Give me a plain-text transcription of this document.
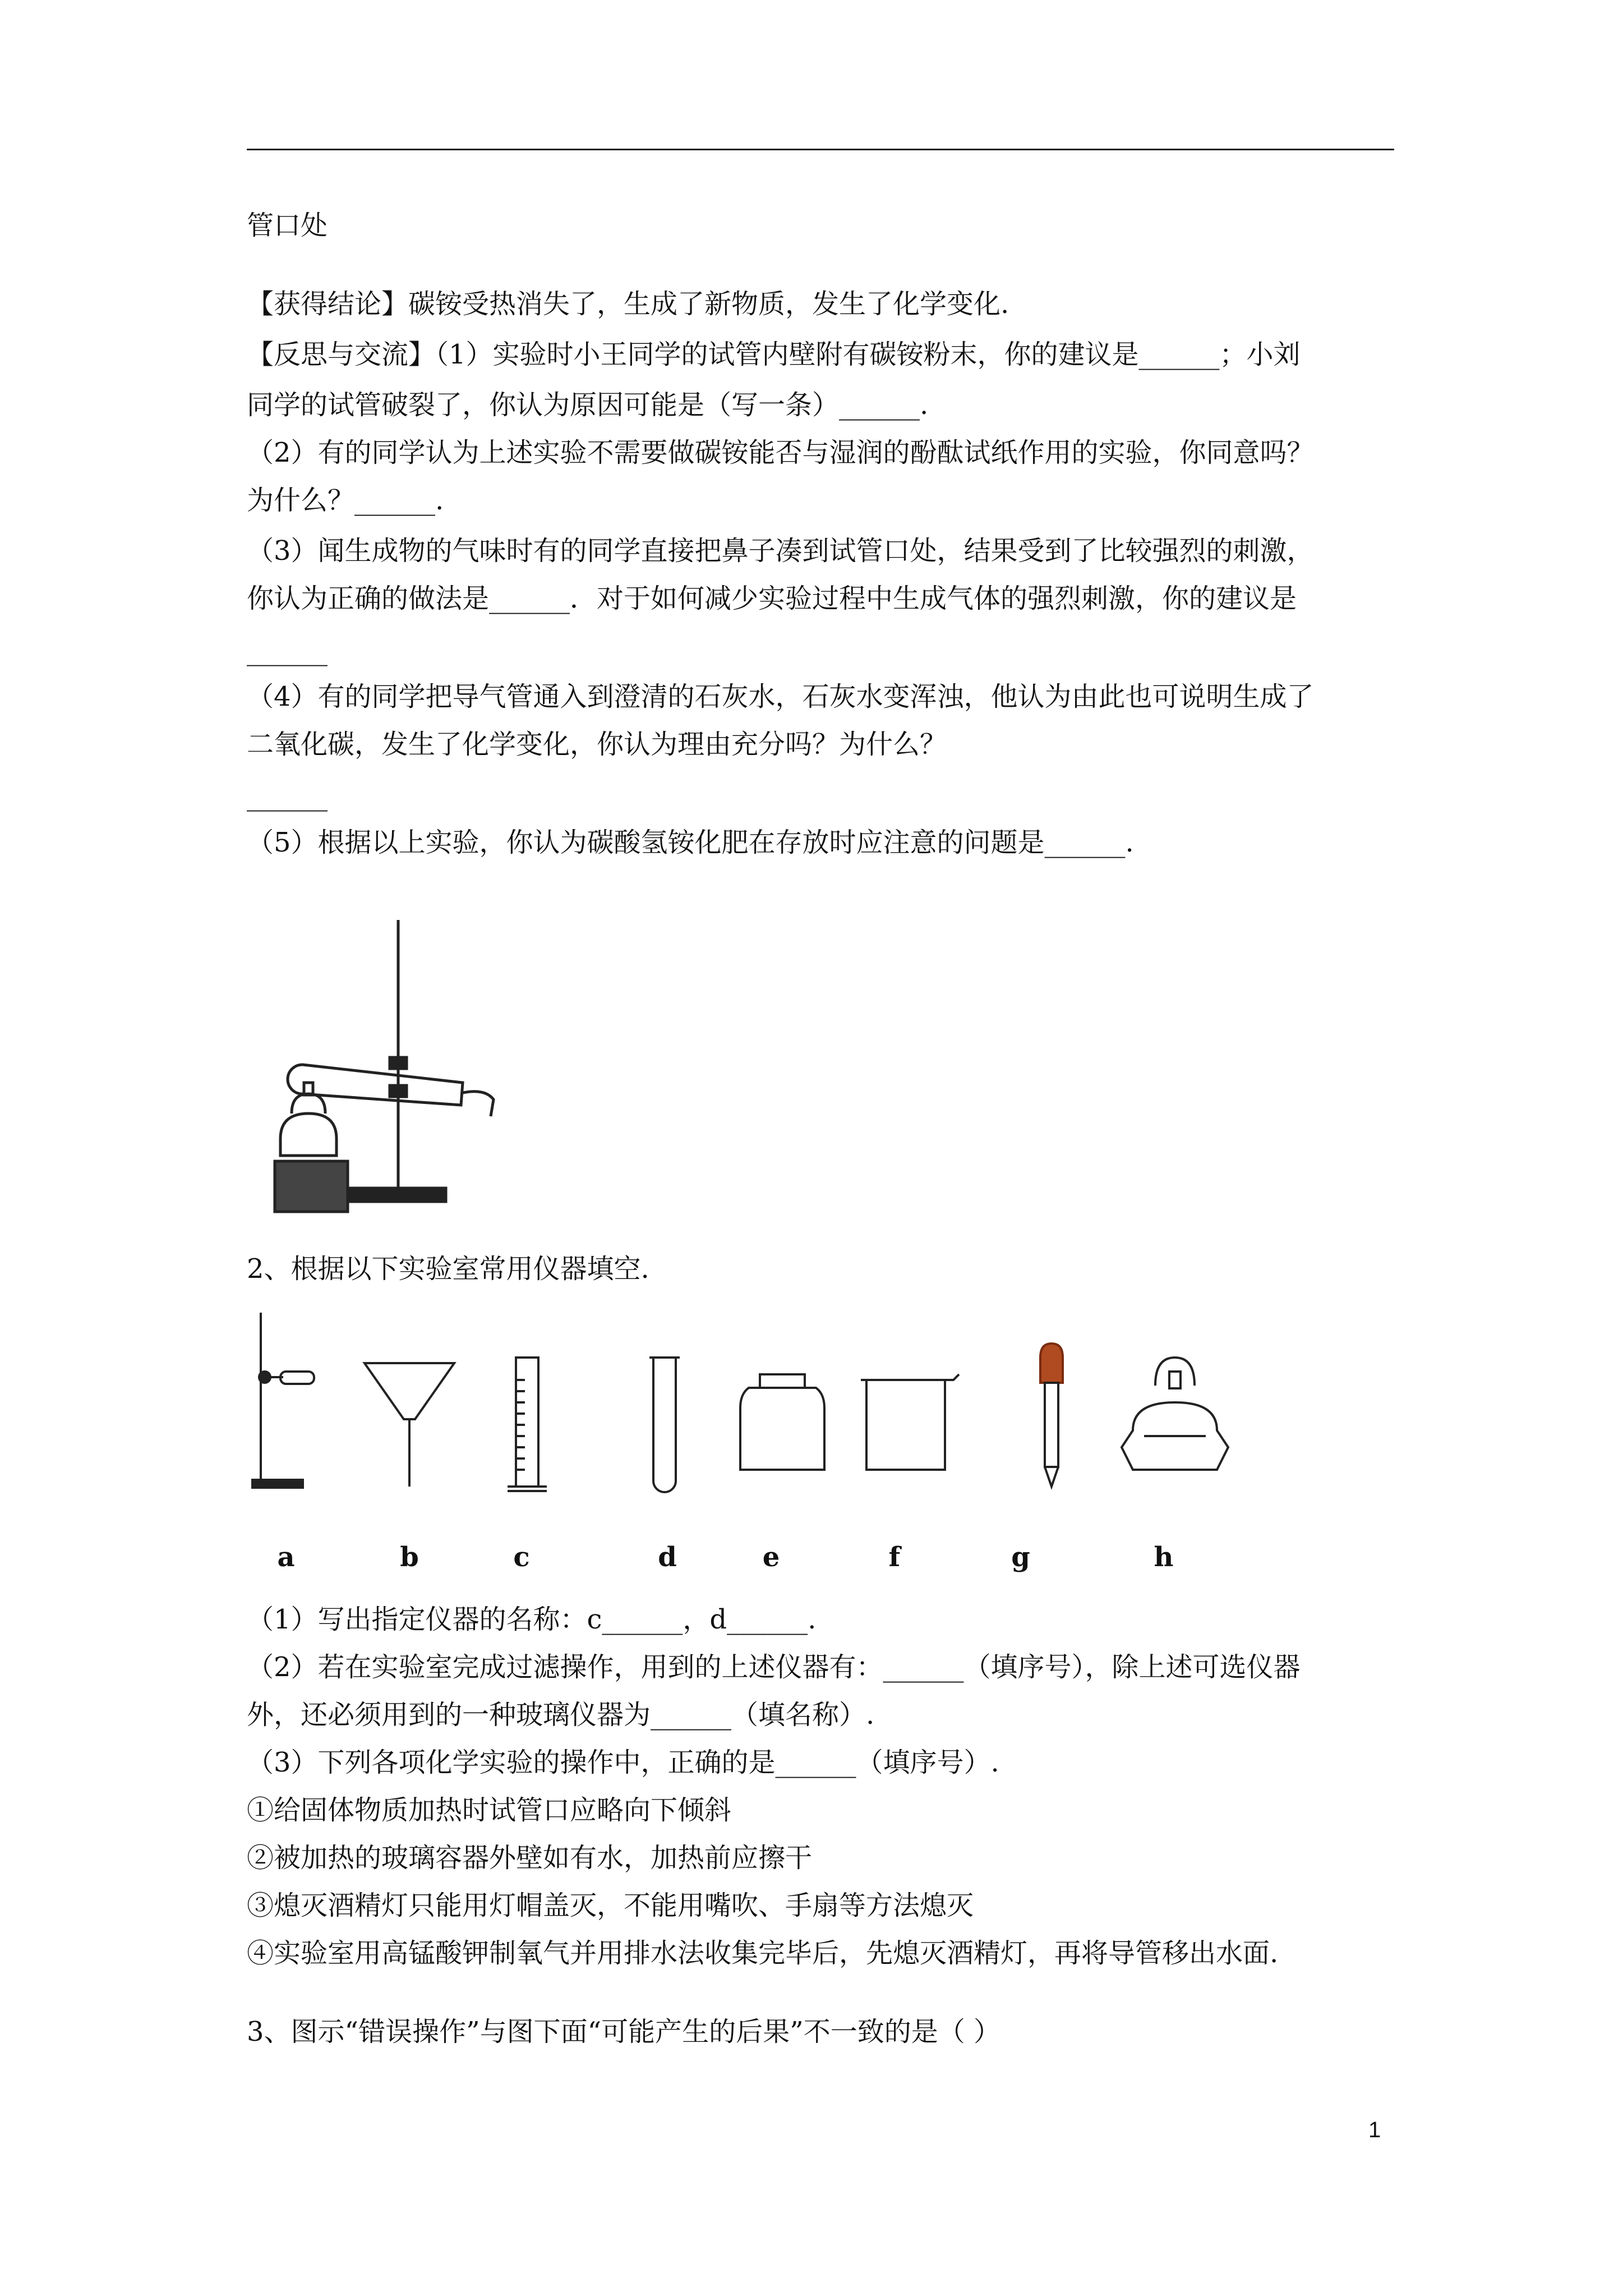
管口处
【获得结论】碳铵受热消失了，生成了新物质，发生了化学变化.
【反思与交流】（1）实验时小王同学的试管内壁附有碳铵粉末，你的建议是______；小刘
同学的试管破裂了，你认为原因可能是（写一条）______.
（2）有的同学认为上述实验不需要做碳铵能否与湿润的酚酞试纸作用的实验，你同意吗？
为什么？______.
（3）闻生成物的气味时有的同学直接把鼻子凑到试管口处，结果受到了比较强烈的刺激，
你认为正确的做法是______．对于如何减少实验过程中生成气体的强烈刺激，你的建议是
______
（4）有的同学把导气管通入到澄清的石灰水，石灰水变浑浊，他认为由此也可说明生成了
二氧化碳，发生了化学变化，你认为理由充分吗？为什么？
______
（5）根据以上实验，你认为碳酸氢铵化肥在存放时应注意的问题是______.
2、根据以下实验室常用仪器填空.
a	b	c	d	e	f	g	h
（1）写出指定仪器的名称：c______，d______.
（2）若在实验室完成过滤操作，用到的上述仪器有：______（填序号），除上述可选仪器
外，还必须用到的一种玻璃仪器为______（填名称）.
（3）下列各项化学实验的操作中，正确的是______（填序号）.
①给固体物质加热时试管口应略向下倾斜
②被加热的玻璃容器外壁如有水，加热前应擦干
③熄灭酒精灯只能用灯帽盖灭，不能用嘴吹、手扇等方法熄灭
④实验室用高锰酸钾制氧气并用排水法收集完毕后，先熄灭酒精灯，再将导管移出水面.
3、图示“错误操作”与图下面“可能产生的后果”不一致的是（ ）
1
